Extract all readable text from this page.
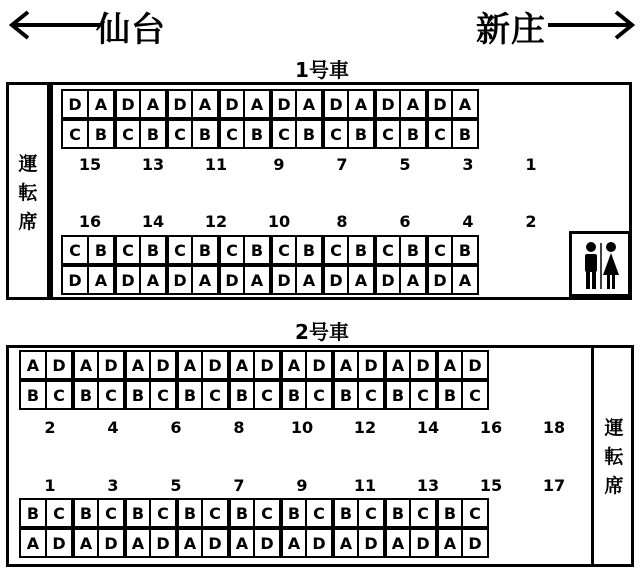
仙台	新庄
1号車
運
転
席
D A D A D A D A D A D A D A D A
C B C B C B C B C B C B C B C B
15	13	11	9	7	5	3	1
16	14	12	10	8	6	4	2
C B C B C B C B C B C B C B C B
D A D A D A D A D A D A D A D A
2号車
運
転
席
A D A D A D A D A D A D A D A D A D
B C B C B C B C B C B C B C B C B C
2	4	6	8	10	12	14	16	18
1	3	5	7	9	11	13	15	17
B C B C B C B C B C B C B C B C B C
A D A D A D A D A D A D A D A D A D
